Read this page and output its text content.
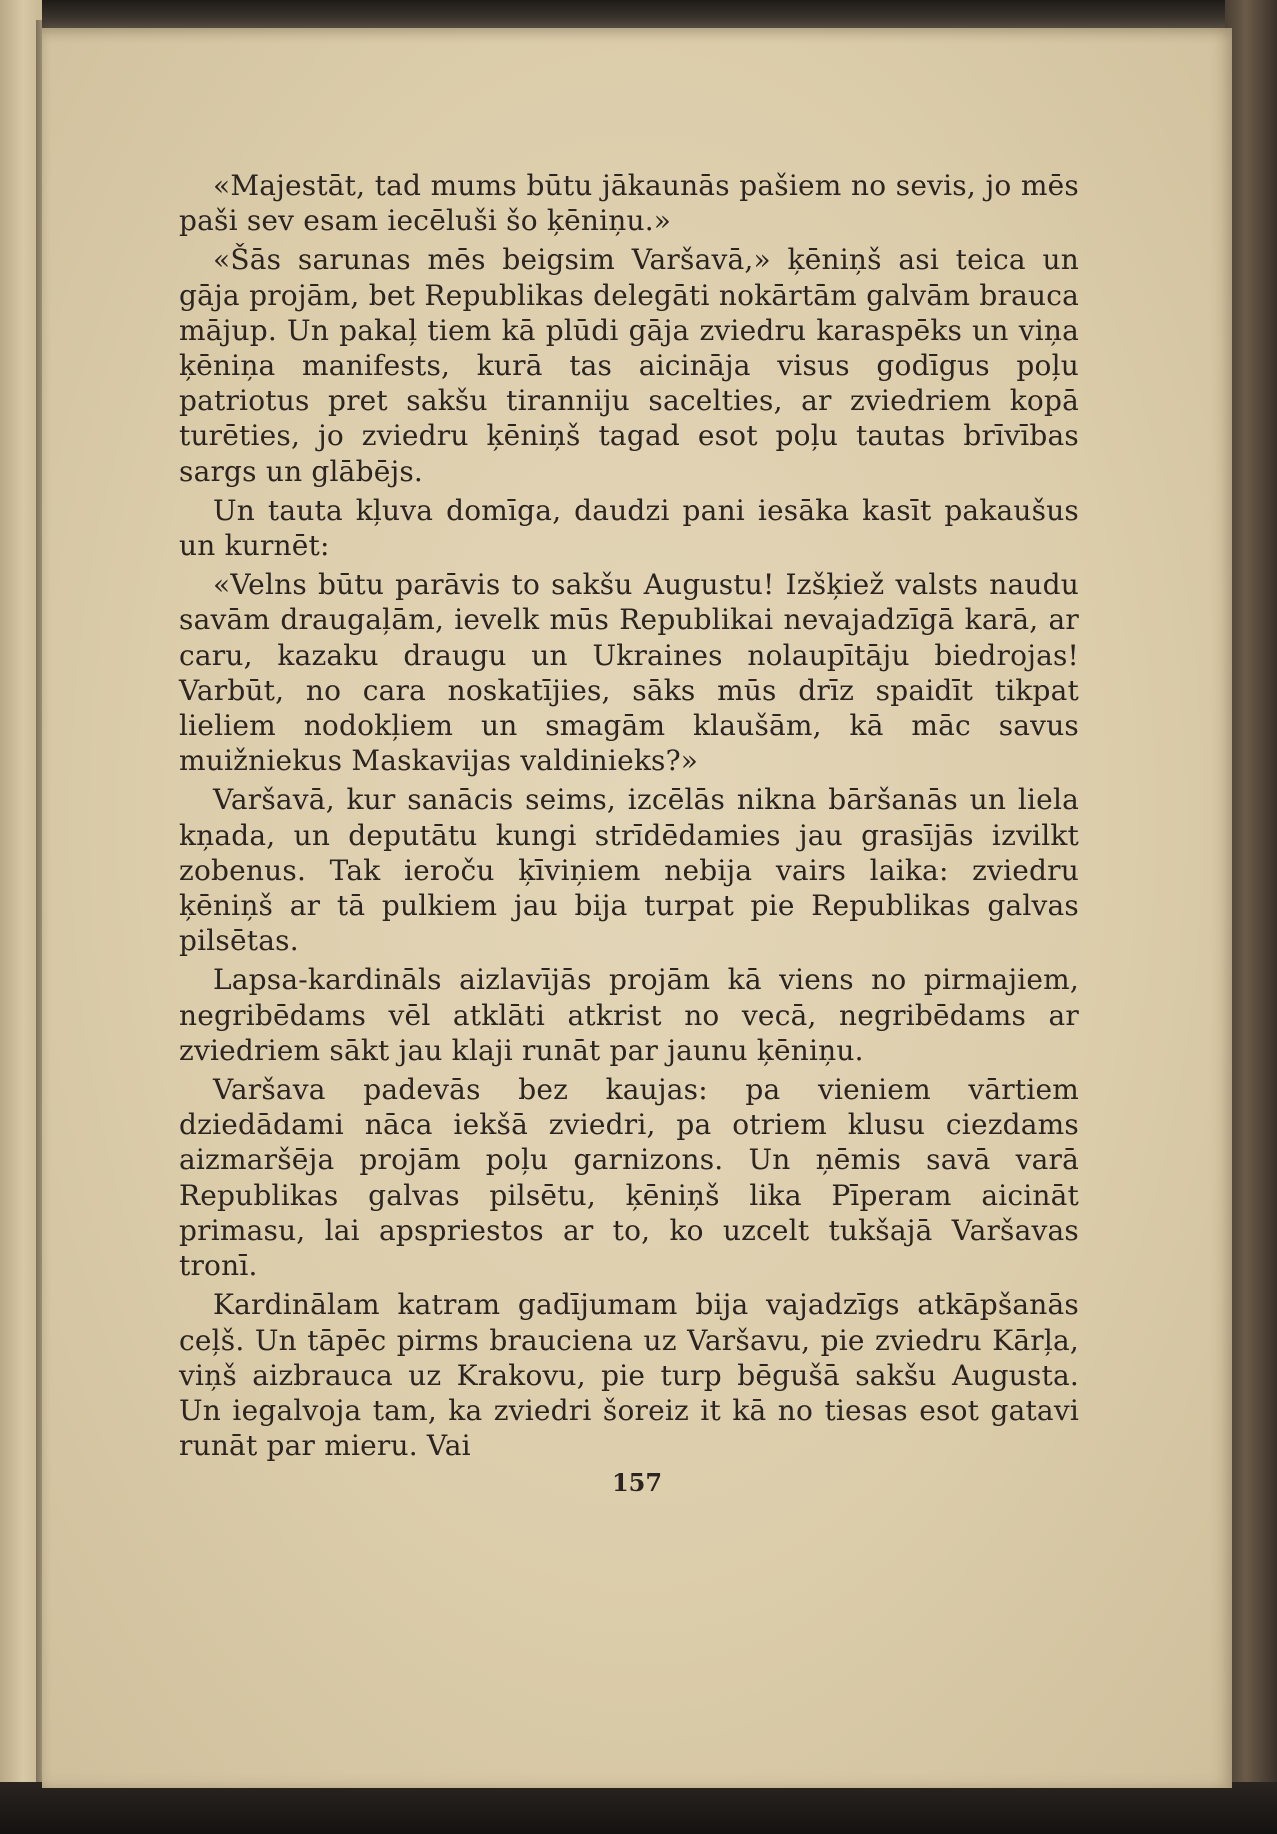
«Majestāt, tad mums būtu jākaunās pašiem no sevis, jo mēs paši sev esam iecēluši šo ķēniņu.»

«Šās sarunas mēs beigsim Varšavā,» ķēniņš asi teica un gāja projām, bet Republikas delegāti nokārtām galvām brauca mājup. Un pakaļ tiem kā plūdi gāja zviedru karaspēks un viņa ķēniņa manifests, kurā tas aicināja visus godīgus poļu patriotus pret sakšu tiranniju sacelties, ar zviedriem kopā turēties, jo zviedru ķēniņš tagad esot poļu tautas brīvības sargs un glābējs.

Un tauta kļuva domīga, daudzi pani iesāka kasīt pakaušus un kurnēt:

«Velns būtu parāvis to sakšu Augustu! Izšķiež valsts naudu savām draugaļām, ievelk mūs Republikai nevajadzīgā karā, ar caru, kazaku draugu un Ukraines nolaupītāju biedrojas! Varbūt, no cara noskatījies, sāks mūs drīz spaidīt tikpat lieliem nodokļiem un smagām klaušām, kā māc savus muižniekus Maskavijas valdinieks?»

Varšavā, kur sanācis seims, izcēlās nikna bāršanās un liela kņada, un deputātu kungi strīdēdamies jau grasījās izvilkt zobenus. Tak ieroču ķīviņiem nebija vairs laika: zviedru ķēniņš ar tā pulkiem jau bija turpat pie Republikas galvas pilsētas.

Lapsa-kardināls aizlavījās projām kā viens no pirmajiem, negribēdams vēl atklāti atkrist no vecā, negribēdams ar zviedriem sākt jau klaji runāt par jaunu ķēniņu.

Varšava padevās bez kaujas: pa vieniem vārtiem dziedādami nāca iekšā zviedri, pa otriem klusu ciezdams aizmaršēja projām poļu garnizons. Un ņēmis savā varā Republikas galvas pilsētu, ķēniņš lika Pīperam aicināt primasu, lai apspriestos ar to, ko uzcelt tukšajā Varšavas tronī.

Kardinālam katram gadījumam bija vajadzīgs atkāpšanās ceļš. Un tāpēc pirms brauciena uz Varšavu, pie zviedru Kārļa, viņš aizbrauca uz Krakovu, pie turp bēgušā sakšu Augusta. Un iegalvoja tam, ka zviedri šoreiz it kā no tiesas esot gatavi runāt par mieru. Vai

157
